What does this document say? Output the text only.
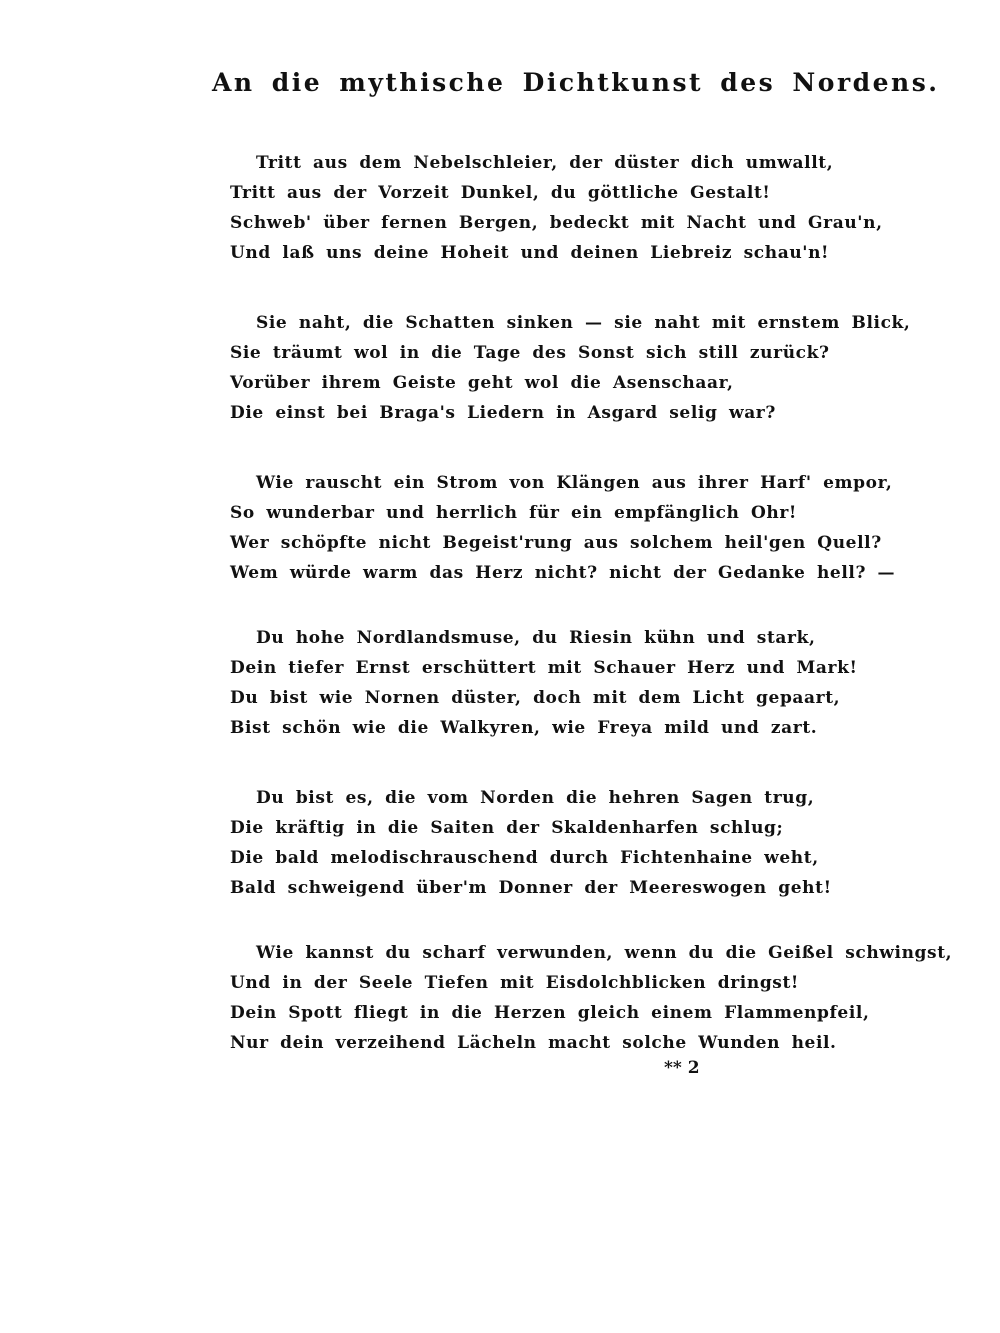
An die mythische Dichtkunst des Nordens.
Tritt aus dem Nebelschleier, der düster dich umwallt,
Tritt aus der Vorzeit Dunkel, du göttliche Gestalt!
Schweb' über fernen Bergen, bedeckt mit Nacht und Grau'n,
Und laß uns deine Hoheit und deinen Liebreiz schau'n!
Sie naht, die Schatten sinken — sie naht mit ernstem Blick,
Sie träumt wol in die Tage des Sonst sich still zurück?
Vorüber ihrem Geiste geht wol die Asenschaar,
Die einst bei Braga's Liedern in Asgard selig war?
Wie rauscht ein Strom von Klängen aus ihrer Harf' empor,
So wunderbar und herrlich für ein empfänglich Ohr!
Wer schöpfte nicht Begeist'rung aus solchem heil'gen Quell?
Wem würde warm das Herz nicht? nicht der Gedanke hell? —
Du hohe Nordlandsmuse, du Riesin kühn und stark,
Dein tiefer Ernst erschüttert mit Schauer Herz und Mark!
Du bist wie Nornen düster, doch mit dem Licht gepaart,
Bist schön wie die Walkyren, wie Freya mild und zart.
Du bist es, die vom Norden die hehren Sagen trug,
Die kräftig in die Saiten der Skaldenharfen schlug;
Die bald melodischrauschend durch Fichtenhaine weht,
Bald schweigend über'm Donner der Meereswogen geht!
Wie kannst du scharf verwunden, wenn du die Geißel schwingst,
Und in der Seele Tiefen mit Eisdolchblicken dringst!
Dein Spott fliegt in die Herzen gleich einem Flammenpfeil,
Nur dein verzeihend Lächeln macht solche Wunden heil.
** 2
